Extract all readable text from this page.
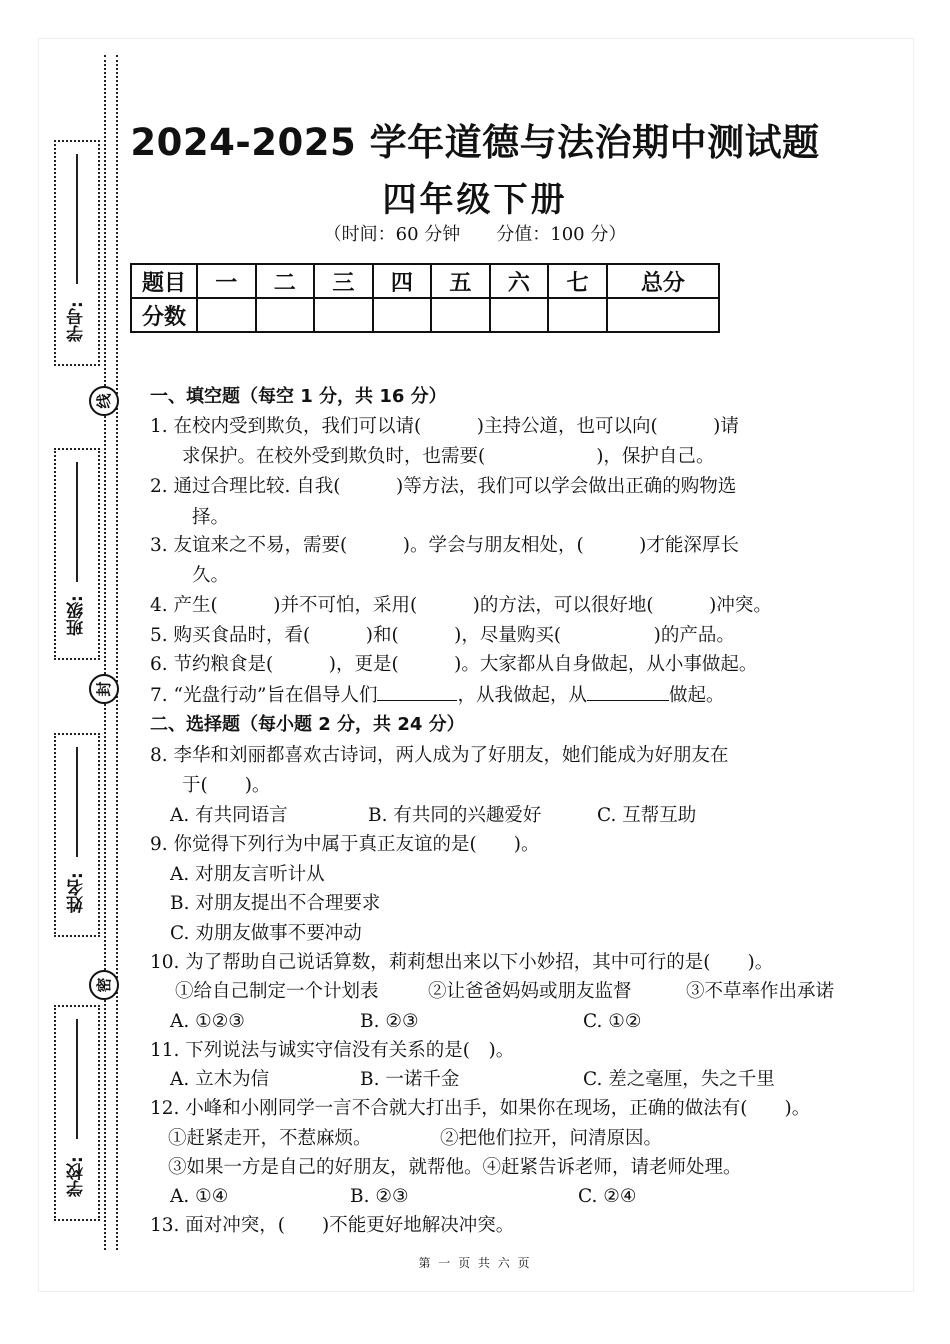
学号:
班级:
姓名:
学校:
线
封
密
2024-2025 学年道德与法治期中测试题
四年级下册
（时间：60 分钟　　分值：100 分）
题目	一	二	三	四	五	六	七	总分
分数								
一、填空题（每空 1 分，共 16 分）
1. 在校内受到欺负，我们可以请(　　　)主持公道，也可以向(　　　)请
求保护。在校外受到欺负时，也需要(　　　　　　)，保护自己。
2. 通过合理比较. 自我(　　　)等方法，我们可以学会做出正确的购物选
择。
3. 友谊来之不易，需要(　　　)。学会与朋友相处，(　　　)才能深厚长
久。
4. 产生(　　　)并不可怕，采用(　　　)的方法，可以很好地(　　　)冲突。
5. 购买食品时，看(　　　)和(　　　)，尽量购买(　　　　　)的产品。
6. 节约粮食是(　　　)，更是(　　　)。大家都从自身做起，从小事做起。
7. “光盘行动”旨在倡导人们	，从我做起，从	做起。
二、选择题（每小题 2 分，共 24 分）
8. 李华和刘丽都喜欢古诗词，两人成为了好朋友，她们能成为好朋友在
于(　　)。
A. 有共同语言	B. 有共同的兴趣爱好	C. 互帮互助
9. 你觉得下列行为中属于真正友谊的是(　　)。
A. 对朋友言听计从
B. 对朋友提出不合理要求
C. 劝朋友做事不要冲动
10. 为了帮助自己说话算数，莉莉想出来以下小妙招，其中可行的是(　　)。
①给自己制定一个计划表	②让爸爸妈妈或朋友监督	③不草率作出承诺
A. ①②③	B. ②③	C. ①②
11. 下列说法与诚实守信没有关系的是(　)。
A. 立木为信	B. 一诺千金	C. 差之毫厘，失之千里
12. 小峰和小刚同学一言不合就大打出手，如果你在现场，正确的做法有(　　)。
①赶紧走开，不惹麻烦。	②把他们拉开，问清原因。
③如果一方是自己的好朋友，就帮他。④赶紧告诉老师，请老师处理。
A. ①④	B. ②③	C. ②④
13. 面对冲突，(　　)不能更好地解决冲突。
第 一 页 共 六 页
